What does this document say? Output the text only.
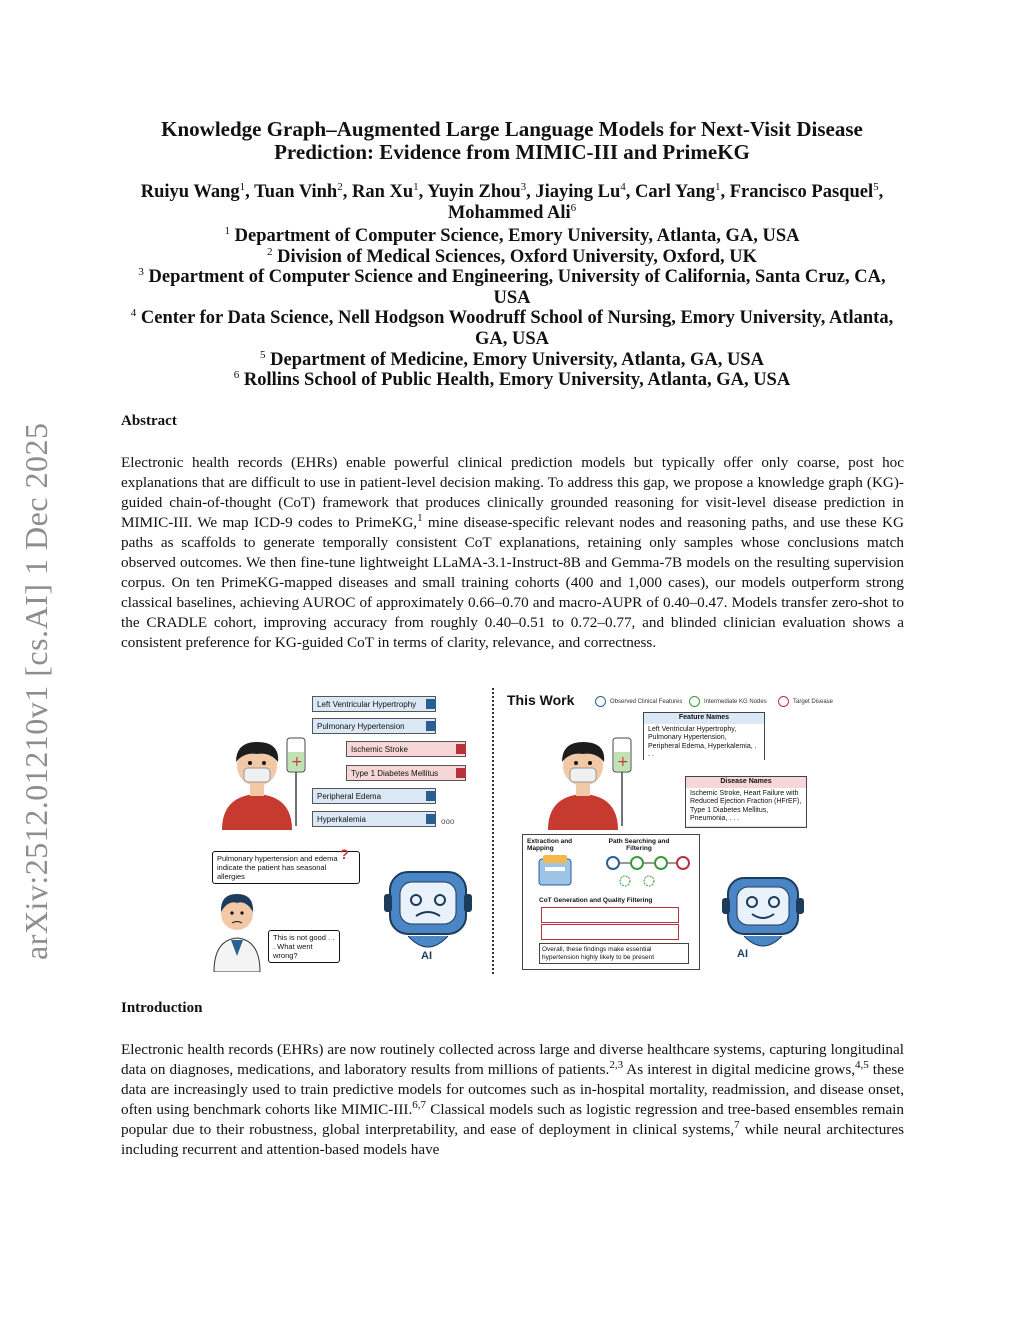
arXiv:2512.01210v1 [cs.AI] 1 Dec 2025
Knowledge Graph–Augmented Large Language Models for Next-Visit Disease Prediction: Evidence from MIMIC-III and PrimeKG
Ruiyu Wang$^1$, Tuan Vinh$^2$, Ran Xu$^1$, Yuyin Zhou$^3$, Jiaying Lu$^4$, Carl Yang$^1$, Francisco Pasquel$^5$, Mohammed Ali$^6$
$^1$ Department of Computer Science, Emory University, Atlanta, GA, USA
$^2$ Division of Medical Sciences, Oxford University, Oxford, UK
$^3$ Department of Computer Science and Engineering, University of California, Santa Cruz, CA, USA
$^4$ Center for Data Science, Nell Hodgson Woodruff School of Nursing, Emory University, Atlanta, GA, USA
$^5$ Department of Medicine, Emory University, Atlanta, GA, USA
$^6$ Rollins School of Public Health, Emory University, Atlanta, GA, USA
Abstract

Electronic health records (EHRs) enable powerful clinical prediction models but typically offer only coarse, post hoc explanations that are difficult to use in patient-level decision making. To address this gap, we propose a knowledge graph (KG)-guided chain-of-thought (CoT) framework that produces clinically grounded reasoning for visit-level disease prediction in MIMIC-III. We map ICD-9 codes to PrimeKG,$^1$ mine disease-specific relevant nodes and reasoning paths, and use these KG paths as scaffolds to generate temporally consistent CoT explanations, retaining only samples whose conclusions match observed outcomes. We then fine-tune lightweight LLaMA-3.1-Instruct-8B and Gemma-7B models on the resulting supervision corpus. On ten PrimeKG-mapped diseases and small training cohorts (400 and 1,000 cases), our models outperform strong classical baselines, achieving AUROC of approximately 0.66–0.70 and macro-AUPR of 0.40–0.47. Models transfer zero-shot to the CRADLE cohort, improving accuracy from roughly 0.40–0.51 to 0.72–0.77, and blinded clinician evaluation shows a consistent preference for KG-guided CoT in terms of clarity, relevance, and correctness.

+
Left Ventricular Hypertrophy
Pulmonary Hypertension
Ischemic Stroke
Type 1 Diabetes Mellitus
Peripheral Edema
Hyperkalemia	ooo
Pulmonary hypertension and edema indicate the patient has seasonal allergies
?
This is not good . . . What went wrong?	AI
This Work	Observed Clinical Features	Intermediate KG Nodes	Target Disease
+
Feature Names
Left Ventricular Hypertrophy, Pulmonary Hypertension, Peripheral Edema, Hyperkalemia, . . .
Disease Names
Ischemic Stroke, Heart Failure with Reduced Ejection Fraction (HFrEF), Type 1 Diabetes Mellitus, Pneumonia, . . .
Extraction and Mapping
Path Searching and Filtering
CoT Generation and Quality Filtering
Overall, these findings make essential hypertension highly likely to be present	AI
Introduction

Electronic health records (EHRs) are now routinely collected across large and diverse healthcare systems, capturing longitudinal data on diagnoses, medications, and laboratory results from millions of patients.$^{2,3}$ As interest in digital medicine grows,$^{4,5}$ these data are increasingly used to train predictive models for outcomes such as in-hospital mortality, readmission, and disease onset, often using benchmark cohorts like MIMIC-III.$^{6,7}$ Classical models such as logistic regression and tree-based ensembles remain popular due to their robustness, global interpretability, and ease of deployment in clinical systems,$^7$ while neural architectures including recurrent and attention-based models have
